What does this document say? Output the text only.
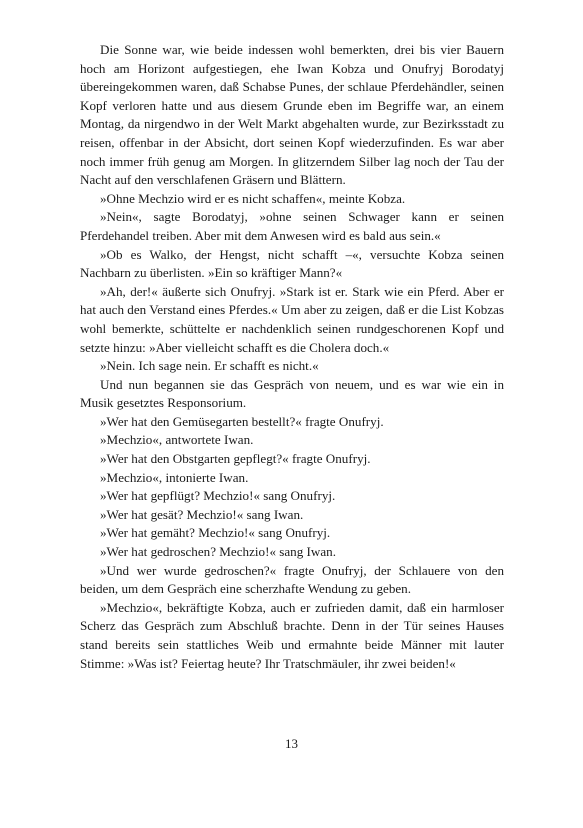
Die Sonne war, wie beide indessen wohl bemerkten, drei bis vier Bauern hoch am Horizont aufgestiegen, ehe Iwan Kobza und Onufryj Borodatyj übereingekommen waren, daß Schabse Punes, der schlaue Pferdehändler, seinen Kopf verloren hatte und aus diesem Grunde eben im Begriffe war, an einem Montag, da nirgendwo in der Welt Markt abgehalten wurde, zur Bezirksstadt zu reisen, offenbar in der Absicht, dort seinen Kopf wiederzufinden. Es war aber noch immer früh genug am Morgen. In glitzerndem Silber lag noch der Tau der Nacht auf den verschlafenen Gräsern und Blättern.

»Ohne Mechzio wird er es nicht schaffen«, meinte Kobza.

»Nein«, sagte Borodatyj, »ohne seinen Schwager kann er seinen Pferdehandel treiben. Aber mit dem Anwesen wird es bald aus sein.«

»Ob es Walko, der Hengst, nicht schafft –«, versuchte Kobza seinen Nachbarn zu überlisten. »Ein so kräftiger Mann?«

»Ah, der!« äußerte sich Onufryj. »Stark ist er. Stark wie ein Pferd. Aber er hat auch den Verstand eines Pferdes.« Um aber zu zeigen, daß er die List Kobzas wohl bemerkte, schüttelte er nachdenklich seinen rundgeschorenen Kopf und setzte hinzu: »Aber vielleicht schafft es die Cholera doch.«

»Nein. Ich sage nein. Er schafft es nicht.«

Und nun begannen sie das Gespräch von neuem, und es war wie ein in Musik gesetztes Responsorium.

»Wer hat den Gemüsegarten bestellt?« fragte Onufryj.

»Mechzio«, antwortete Iwan.

»Wer hat den Obstgarten gepflegt?« fragte Onufryj.

»Mechzio«, intonierte Iwan.

»Wer hat gepflügt? Mechzio!« sang Onufryj.

»Wer hat gesät? Mechzio!« sang Iwan.

»Wer hat gemäht? Mechzio!« sang Onufryj.

»Wer hat gedroschen? Mechzio!« sang Iwan.

»Und wer wurde gedroschen?« fragte Onufryj, der Schlauere von den beiden, um dem Gespräch eine scherzhafte Wendung zu geben.

»Mechzio«, bekräftigte Kobza, auch er zufrieden damit, daß ein harmloser Scherz das Gespräch zum Abschluß brachte. Denn in der Tür seines Hauses stand bereits sein stattliches Weib und ermahnte beide Männer mit lauter Stimme: »Was ist? Feiertag heute? Ihr Tratschmäuler, ihr zwei beiden!«

13
